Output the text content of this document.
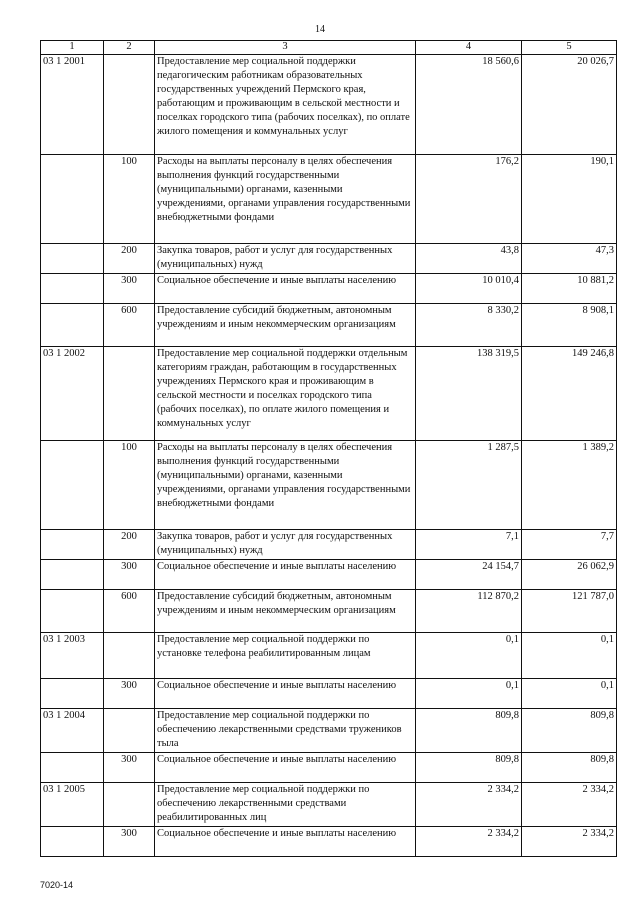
14
1	2	3	4	5
03 1 2001		Предоставление мер социальной поддержки педагогическим работникам образовательных государственных учреждений Пермского края, работающим и проживающим в сельской местности и поселках городского типа (рабочих поселках), по оплате жилого помещения и коммунальных услуг	18 560,6	20 026,7
	100	Расходы на выплаты персоналу в целях обеспечения выполнения функций государственными (муниципальными) органами, казенными учреждениями, органами управления государственными внебюджетными фондами	176,2	190,1
	200	Закупка товаров, работ и услуг для государственных (муниципальных) нужд	43,8	47,3
	300	Социальное обеспечение и иные выплаты населению	10 010,4	10 881,2
	600	Предоставление субсидий бюджетным, автономным учреждениям и иным некоммерческим организациям	8 330,2	8 908,1
03 1 2002		Предоставление мер социальной поддержки отдельным категориям граждан, работающим в государственных учреждениях Пермского края и проживающим в сельской местности и поселках городского типа (рабочих поселках), по оплате жилого помещения и коммунальных услуг	138 319,5	149 246,8
	100	Расходы на выплаты персоналу в целях обеспечения выполнения функций государственными (муниципальными) органами, казенными учреждениями, органами управления государственными внебюджетными фондами	1 287,5	1 389,2
	200	Закупка товаров, работ и услуг для государственных (муниципальных) нужд	7,1	7,7
	300	Социальное обеспечение и иные выплаты населению	24 154,7	26 062,9
	600	Предоставление субсидий бюджетным, автономным учреждениям и иным некоммерческим организациям	112 870,2	121 787,0
03 1 2003		Предоставление мер социальной поддержки по установке телефона реабилитированным лицам	0,1	0,1
	300	Социальное обеспечение и иные выплаты населению	0,1	0,1
03 1 2004		Предоставление мер социальной поддержки по обеспечению лекарственными средствами тружеников тыла	809,8	809,8
	300	Социальное обеспечение и иные выплаты населению	809,8	809,8
03 1 2005		Предоставление мер социальной поддержки по обеспечению лекарственными средствами реабилитированных лиц	2 334,2	2 334,2
	300	Социальное обеспечение и иные выплаты населению	2 334,2	2 334,2
7020-14
